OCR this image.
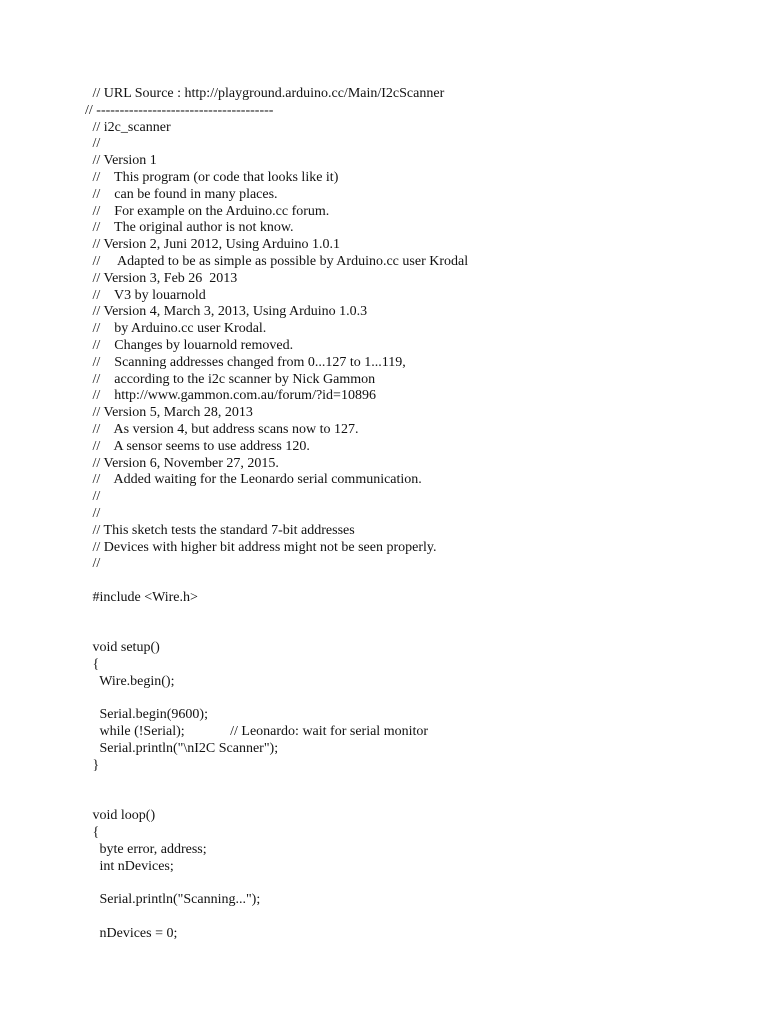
// URL Source : http://playground.arduino.cc/Main/I2cScanner
// --------------------------------------
// i2c_scanner
//
// Version 1
//    This program (or code that looks like it)
//    can be found in many places.
//    For example on the Arduino.cc forum.
//    The original author is not know.
// Version 2, Juni 2012, Using Arduino 1.0.1
//     Adapted to be as simple as possible by Arduino.cc user Krodal
// Version 3, Feb 26  2013
//    V3 by louarnold
// Version 4, March 3, 2013, Using Arduino 1.0.3
//    by Arduino.cc user Krodal.
//    Changes by louarnold removed.
//    Scanning addresses changed from 0...127 to 1...119,
//    according to the i2c scanner by Nick Gammon
//    http://www.gammon.com.au/forum/?id=10896
// Version 5, March 28, 2013
//    As version 4, but address scans now to 127.
//    A sensor seems to use address 120.
// Version 6, November 27, 2015.
//    Added waiting for the Leonardo serial communication.
//
//
// This sketch tests the standard 7-bit addresses
// Devices with higher bit address might not be seen properly.
//
#include <Wire.h>
void setup()
{
Wire.begin();
Serial.begin(9600);
while (!Serial);             // Leonardo: wait for serial monitor
Serial.println("\nI2C Scanner");
}
void loop()
{
byte error, address;
int nDevices;
Serial.println("Scanning...");
nDevices = 0;
